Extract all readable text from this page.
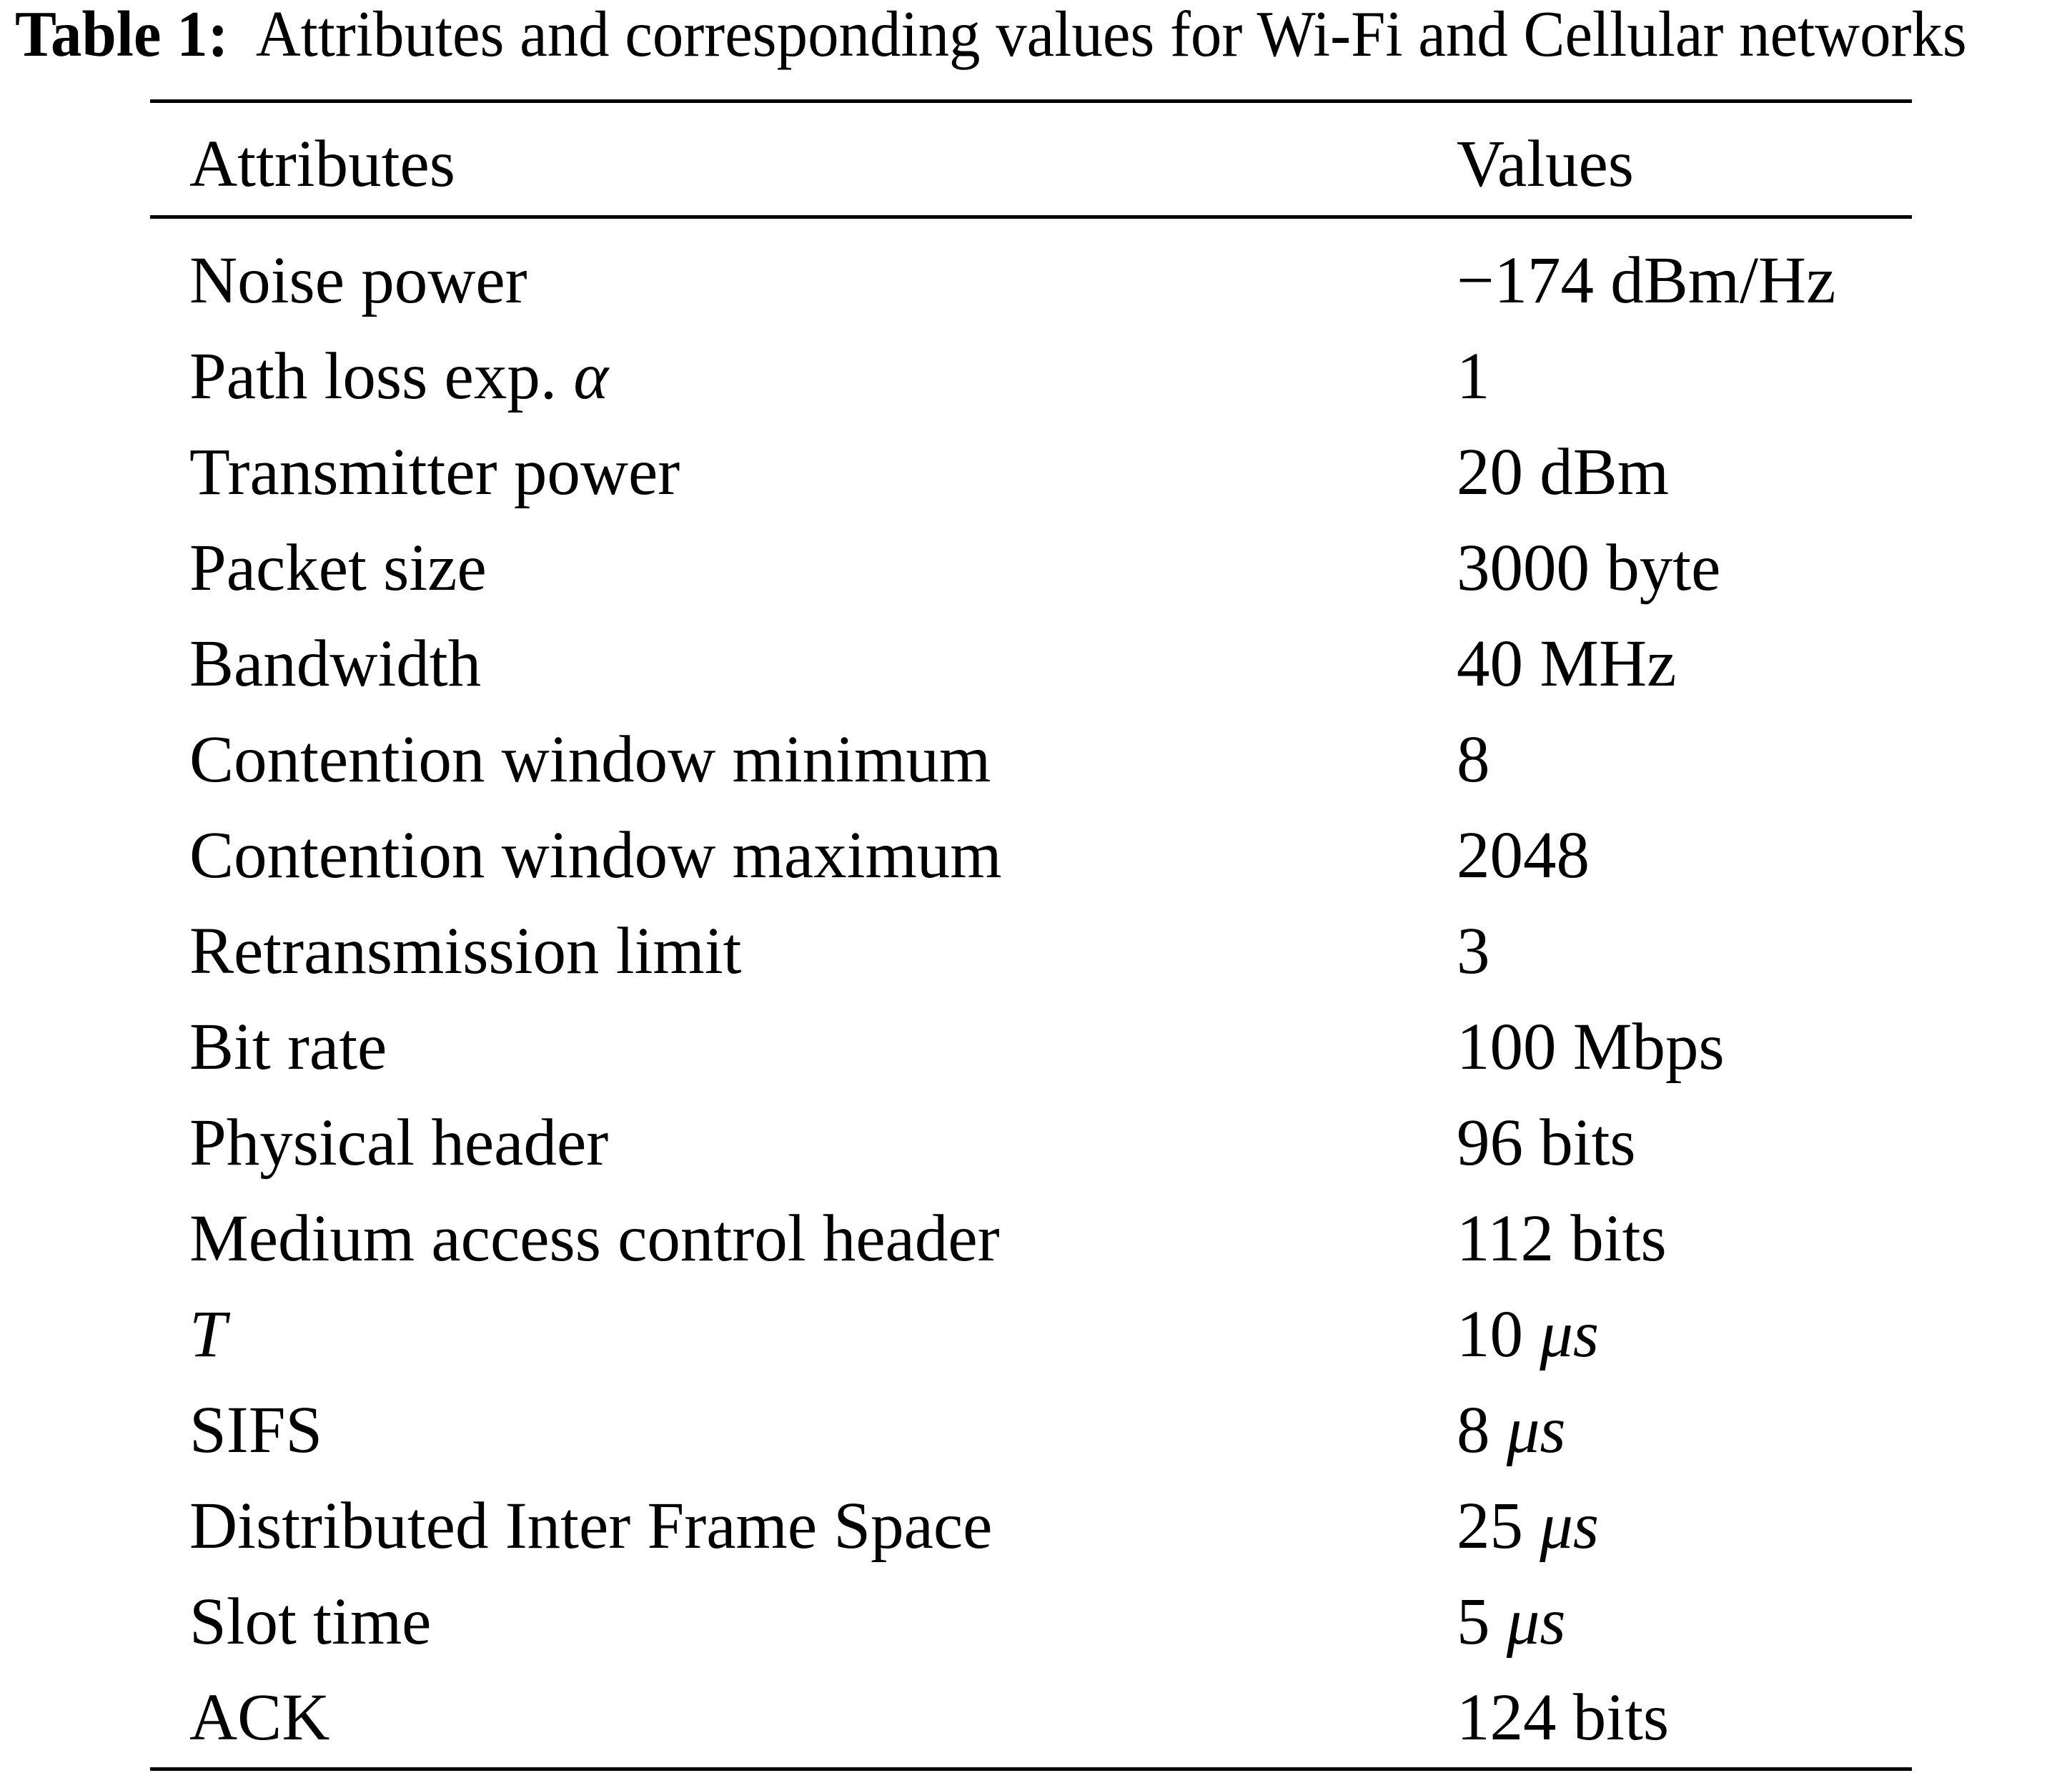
Table 1: Attributes and corresponding values for Wi-Fi and Cellular networks
Attributes	Values
Noise power	−174 dBm/Hz
Path loss exp. α	1
Transmitter power	20 dBm
Packet size	3000 byte
Bandwidth	40 MHz
Contention window minimum	8
Contention window maximum	2048
Retransmission limit	3
Bit rate	100 Mbps
Physical header	96 bits
Medium access control header	112 bits
T	10 μs
SIFS	8 μs
Distributed Inter Frame Space	25 μs
Slot time	5 μs
ACK	124 bits
